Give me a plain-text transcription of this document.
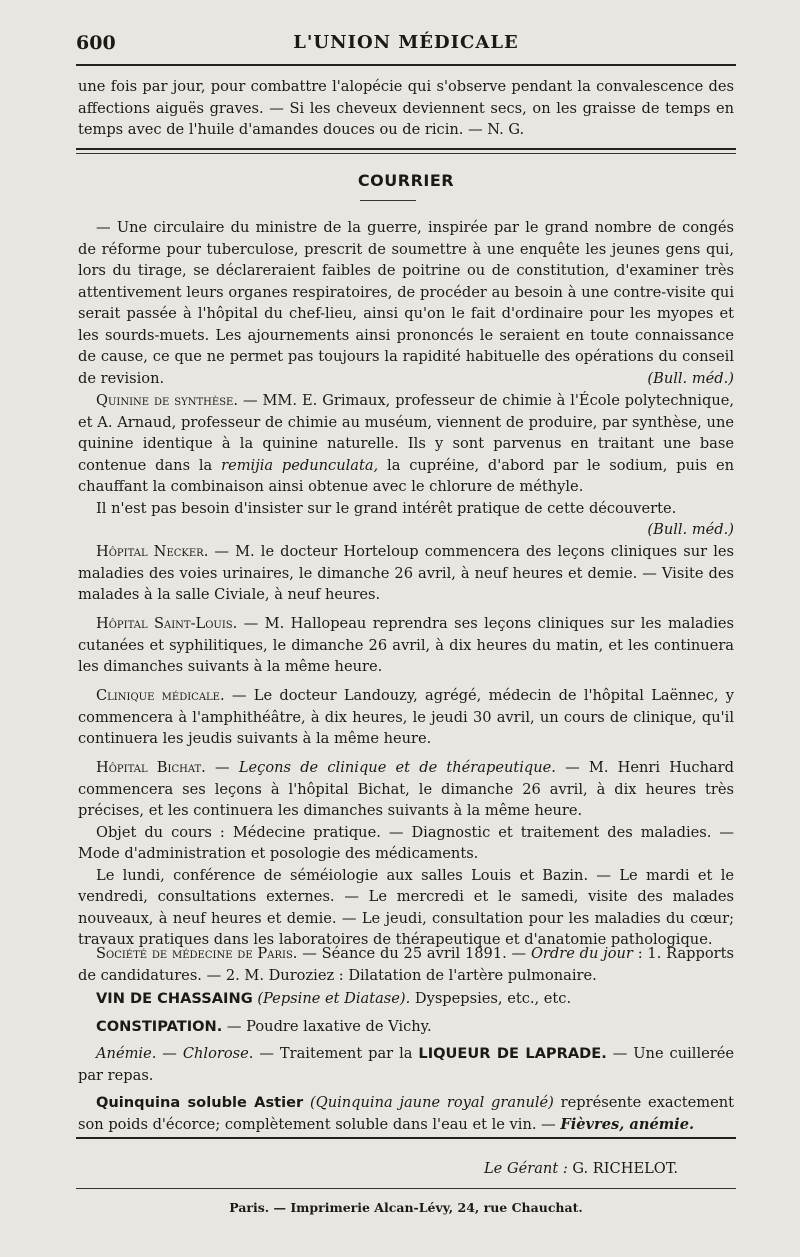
600	L'UNION MÉDICALE

une fois par jour, pour combattre l'alopécie qui s'observe pendant la convalescence des affections aiguës graves. — Si les cheveux deviennent secs, on les graisse de temps en temps avec de l'huile d'amandes douces ou de ricin. — N. G.

COURRIER

— Une circulaire du ministre de la guerre, inspirée par le grand nombre de congés de réforme pour tuberculose, prescrit de soumettre à une enquête les jeunes gens qui, lors du tirage, se déclareraient faibles de poitrine ou de constitution, d'examiner très attentivement leurs organes respiratoires, de procéder au besoin à une contre-visite qui serait passée à l'hôpital du chef-lieu, ainsi qu'on le fait d'ordinaire pour les myopes et les sourds-muets. Les ajournements ainsi prononcés le seraient en toute connaissance de cause, ce que ne permet pas toujours la rapidité habituelle des opérations du conseil de revision.	(Bull. méd.)

Quinine de synthèse. — MM. E. Grimaux, professeur de chimie à l'École polytechnique, et A. Arnaud, professeur de chimie au muséum, viennent de produire, par synthèse, une quinine identique à la quinine naturelle. Ils y sont parvenus en traitant une base contenue dans la remijia pedunculata, la cupréine, d'abord par le sodium, puis en chauffant la combinaison ainsi obtenue avec le chlorure de méthyle.

Il n'est pas besoin d'insister sur le grand intérêt pratique de cette découverte.

(Bull. méd.)

Hôpital Necker. — M. le docteur Horteloup commencera des leçons cliniques sur les maladies des voies urinaires, le dimanche 26 avril, à neuf heures et demie. — Visite des malades à la salle Civiale, à neuf heures.

Hôpital Saint-Louis. — M. Hallopeau reprendra ses leçons cliniques sur les maladies cutanées et syphilitiques, le dimanche 26 avril, à dix heures du matin, et les continuera les dimanches suivants à la même heure.

Clinique médicale. — Le docteur Landouzy, agrégé, médecin de l'hôpital Laënnec, y commencera à l'amphithéâtre, à dix heures, le jeudi 30 avril, un cours de clinique, qu'il continuera les jeudis suivants à la même heure.

Hôpital Bichat. — Leçons de clinique et de thérapeutique. — M. Henri Huchard commencera ses leçons à l'hôpital Bichat, le dimanche 26 avril, à dix heures très précises, et les continuera les dimanches suivants à la même heure.

Objet du cours : Médecine pratique. — Diagnostic et traitement des maladies. — Mode d'administration et posologie des médicaments.

Le lundi, conférence de séméiologie aux salles Louis et Bazin. — Le mardi et le vendredi, consultations externes. — Le mercredi et le samedi, visite des malades nouveaux, à neuf heures et demie. — Le jeudi, consultation pour les maladies du cœur; travaux pratiques dans les laboratoires de thérapeutique et d'anatomie pathologique.

Société de médecine de Paris. — Séance du 25 avril 1891. — Ordre du jour : 1. Rapports de candidatures. — 2. M. Duroziez : Dilatation de l'artère pulmonaire.

VIN DE CHASSAING (Pepsine et Diatase). Dyspepsies, etc., etc.

CONSTIPATION. — Poudre laxative de Vichy.

Anémie. — Chlorose. — Traitement par la LIQUEUR DE LAPRADE. — Une cuillerée par repas.

Quinquina soluble Astier (Quinquina jaune royal granulé) représente exactement son poids d'écorce; complètement soluble dans l'eau et le vin. — Fièvres, anémie.

Le Gérant : G. RICHELOT.
Paris. — Imprimerie Alcan-Lévy, 24, rue Chauchat.
